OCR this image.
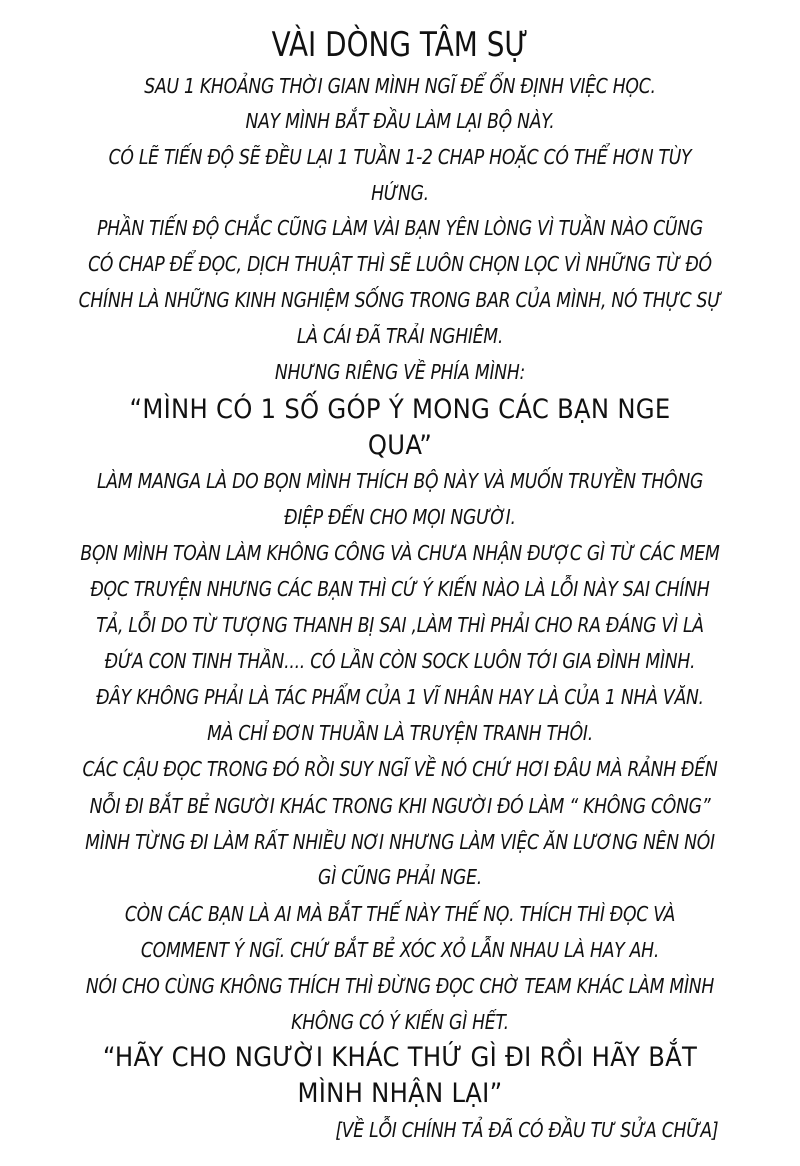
VÀI DÒNG TÂM SỰ
SAU 1 KHOẢNG THỜI GIAN MÌNH NGĨ ĐỂ ỔN ĐỊNH VIỆC HỌC.
NAY MÌNH BẮT ĐẦU LÀM LẠI BỘ NÀY.
CÓ LẼ TIẾN ĐỘ SẼ ĐỀU LẠI 1 TUẦN 1-2 CHAP HOẶC CÓ THỂ HƠN TÙY
HỨNG.
PHẦN TIẾN ĐỘ CHẮC CŨNG LÀM VÀI BẠN YÊN LÒNG VÌ TUẦN NÀO CŨNG
CÓ CHAP ĐỂ ĐỌC, DỊCH THUẬT THÌ SẼ LUÔN CHỌN LỌC VÌ NHỮNG TỪ ĐÓ
CHÍNH LÀ NHỮNG KINH NGHIỆM SỐNG TRONG BAR CỦA MÌNH, NÓ THỰC SỰ
LÀ CÁI ĐÃ TRẢI NGHIÊM.
NHƯNG RIÊNG VỀ PHÍA MÌNH:
“MÌNH CÓ 1 SỐ GÓP Ý MONG CÁC BẠN NGE
QUA”
LÀM MANGA LÀ DO BỌN MÌNH THÍCH BỘ NÀY VÀ MUỐN TRUYỀN THÔNG
ĐIỆP ĐẾN CHO MỌI NGƯỜI.
BỌN MÌNH TOÀN LÀM KHÔNG CÔNG VÀ CHƯA NHẬN ĐƯỢC GÌ TỪ CÁC MEM
ĐỌC TRUYỆN NHƯNG CÁC BẠN THÌ CỨ Ý KIẾN NÀO LÀ LỖI NÀY SAI CHÍNH
TẢ, LỖI DO TỪ TƯỢNG THANH BỊ SAI ,LÀM THÌ PHẢI CHO RA ĐÁNG VÌ LÀ
ĐỨA CON TINH THẦN.... CÓ LẦN CÒN SOCK LUÔN TỚI GIA ĐÌNH MÌNH.
ĐÂY KHÔNG PHẢI LÀ TÁC PHẨM CỦA 1 VĨ NHÂN HAY LÀ CỦA 1 NHÀ VĂN.
MÀ CHỈ ĐƠN THUẦN LÀ TRUYỆN TRANH THÔI.
CÁC CẬU ĐỌC TRONG ĐÓ RỒI SUY NGĨ VỀ NÓ CHỨ HƠI ĐÂU MÀ RẢNH ĐẾN
NỖI ĐI BẮT BẺ NGƯỜI KHÁC TRONG KHI NGƯỜI ĐÓ LÀM “ KHÔNG CÔNG”
MÌNH TỪNG ĐI LÀM RẤT NHIỀU NƠI NHƯNG LÀM VIỆC ĂN LƯƠNG NÊN NÓI
GÌ CŨNG PHẢI NGE.
CÒN CÁC BẠN LÀ AI MÀ BẮT THẾ NÀY THẾ NỌ. THÍCH THÌ ĐỌC VÀ
COMMENT Ý NGĨ. CHỨ BẮT BẺ XÓC XỎ LẪN NHAU LÀ HAY AH.
NÓI CHO CÙNG KHÔNG THÍCH THÌ ĐỪNG ĐỌC CHỜ TEAM KHÁC LÀM MÌNH
KHÔNG CÓ Ý KIẾN GÌ HẾT.
“HÃY CHO NGƯỜI KHÁC THỨ GÌ ĐI RỒI HÃY BẮT
MÌNH NHẬN LẠI”
[VỀ LỖI CHÍNH TẢ ĐÃ CÓ ĐẦU TƯ SỬA CHỮA]
